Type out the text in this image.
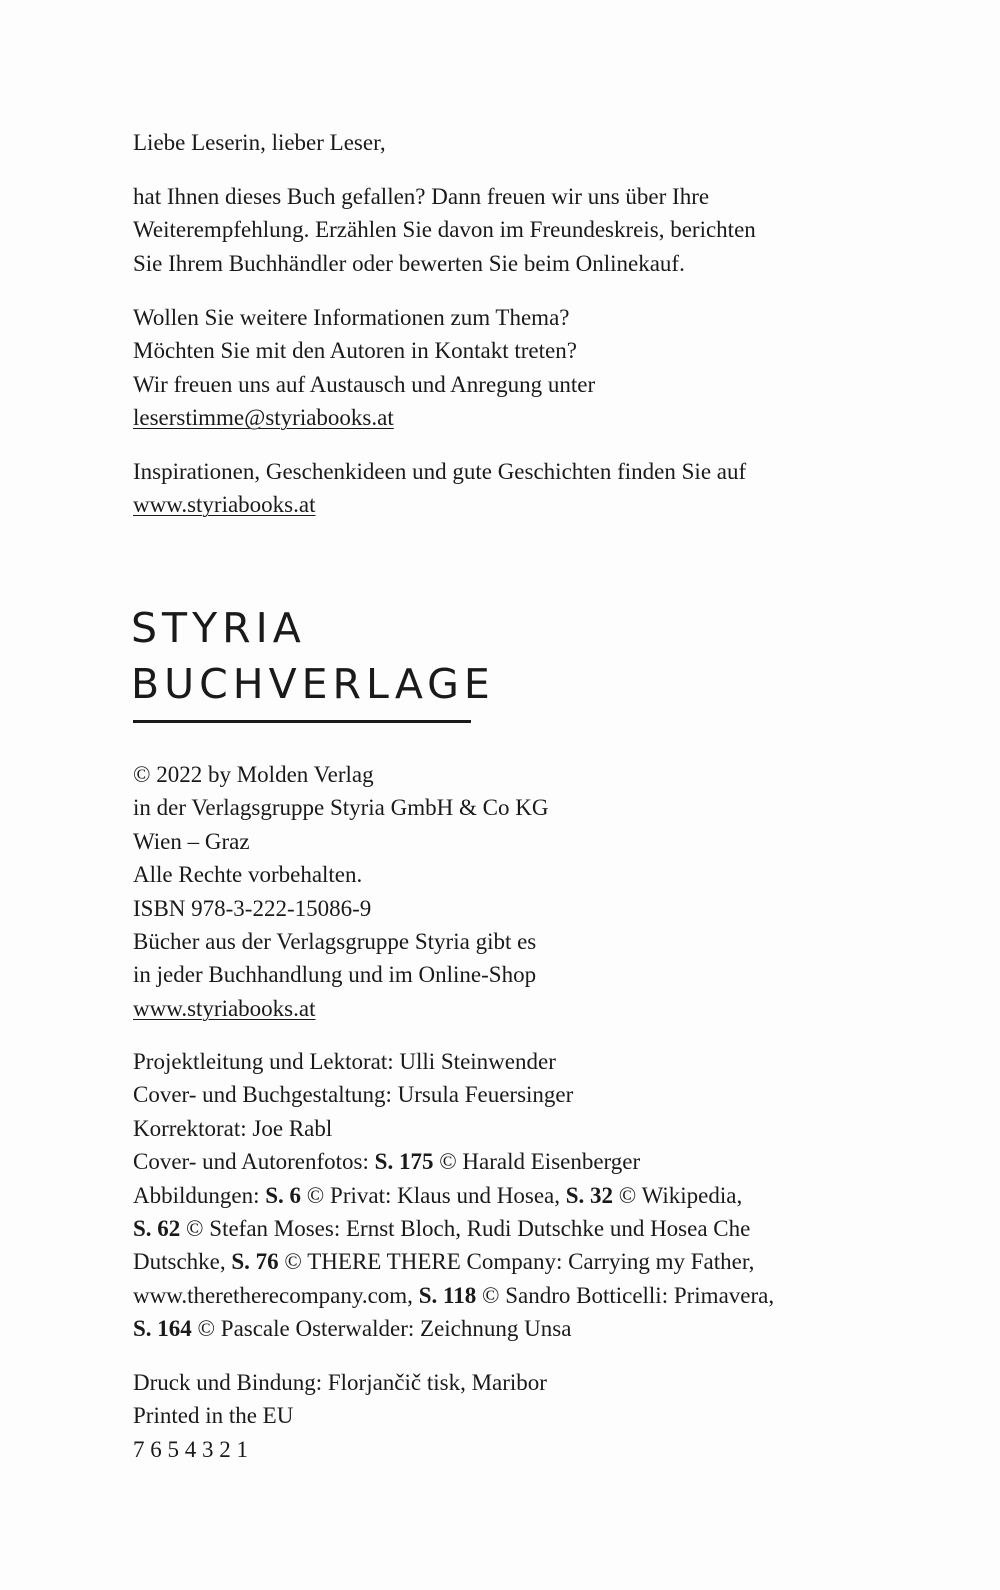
Liebe Leserin, lieber Leser,
hat Ihnen dieses Buch gefallen? Dann freuen wir uns über Ihre
Weiterempfehlung. Erzählen Sie davon im Freundeskreis, berichten
Sie Ihrem Buchhändler oder bewerten Sie beim Onlinekauf.
Wollen Sie weitere Informationen zum Thema?
Möchten Sie mit den Autoren in Kontakt treten?
Wir freuen uns auf Austausch und Anregung unter
leserstimme@styriabooks.at
Inspirationen, Geschenkideen und gute Geschichten finden Sie auf
www.styriabooks.at
STYRIA
BUCHVERLAGE
© 2022 by Molden Verlag
in der Verlagsgruppe Styria GmbH & Co KG
Wien – Graz
Alle Rechte vorbehalten.
ISBN 978-3-222-15086-9
Bücher aus der Verlagsgruppe Styria gibt es
in jeder Buchhandlung und im Online-Shop
www.styriabooks.at
Projektleitung und Lektorat: Ulli Steinwender
Cover- und Buchgestaltung: Ursula Feuersinger
Korrektorat: Joe Rabl
Cover- und Autorenfotos: S. 175 © Harald Eisenberger
Abbildungen: S. 6 © Privat: Klaus und Hosea, S. 32 © Wikipedia,
S. 62 © Stefan Moses: Ernst Bloch, Rudi Dutschke und Hosea Che
Dutschke, S. 76 © THERE THERE Company: Carrying my Father,
www.theretherecompany.com, S. 118 © Sandro Botticelli: Primavera,
S. 164 © Pascale Osterwalder: Zeichnung Unsa
Druck und Bindung: Florjančič tisk, Maribor
Printed in the EU
7 6 5 4 3 2 1
